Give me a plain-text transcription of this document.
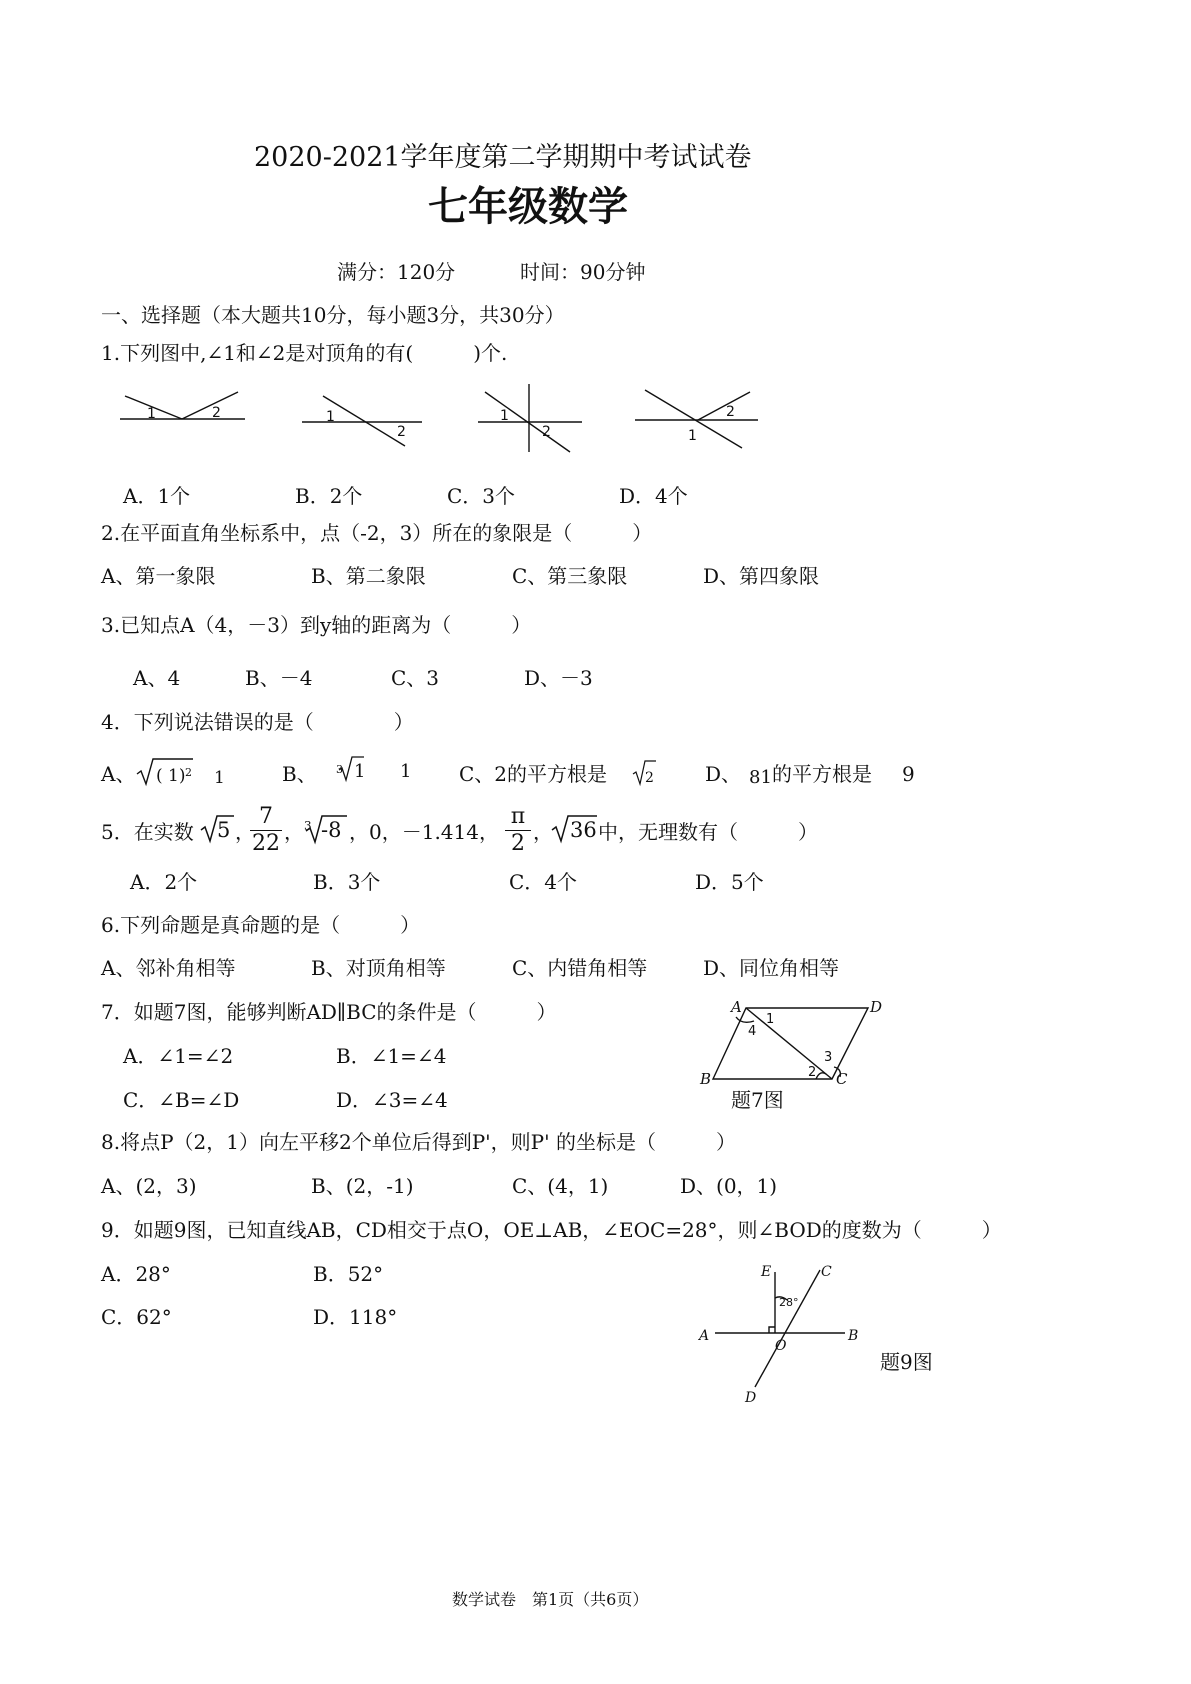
2020-2021学年度第二学期期中考试试卷
七年级数学
满分：120分	时间：90分钟
一、选择题（本大题共10分，每小题3分，共30分）
1.下列图中,∠1和∠2是对顶角的有(　　　)个.
1	2	1
2
1
2
2
1
A．1个	B．2个	C．3个	D．4个
2.在平面直角坐标系中，点（-2，3）所在的象限是（　　　）
A、第一象限	B、第二象限	C、第三象限	D、第四象限
3.已知点A（4，－3）到y轴的距离为（　　　）
A、4	B、－4	C、3	D、－3
4．下列说法错误的是（　　　　）
A、 ( 1) 2 1	B、 3 1 1 C、2的平方根是	2	D、 81 的平方根是 9
5．在实数 5 ，
7
22 ， 3 -8 ，0，－1.414，
π
2 ， 36 中，无理数有（　　　）
A．2个	B．3个	C．4个	D．5个
6.下列命题是真命题的是（　　　）
A、邻补角相等	B、对顶角相等	C、内错角相等	D、同位角相等
7．如题7图，能够判断AD∥BC的条件是（　　　）
A．∠1=∠2	B．∠1=∠4
C．∠B=∠D	D．∠3=∠4
A	D
B	C
1
4
3
2
题7图
8.将点P（2，1）向左平移2个单位后得到P'，则P' 的坐标是（　　　）
A、(2，3)	B、(2，-1)	C、(4，1)	D、(0，1)
9．如题9图，已知直线AB，CD相交于点O，OE⊥AB，∠EOC=28°，则∠BOD的度数为（　　　）
A．28°	B．52°
C．62°	D．118°
E	C
A
O
B
D
28°
题9图
数学试卷　第1页（共6页）
